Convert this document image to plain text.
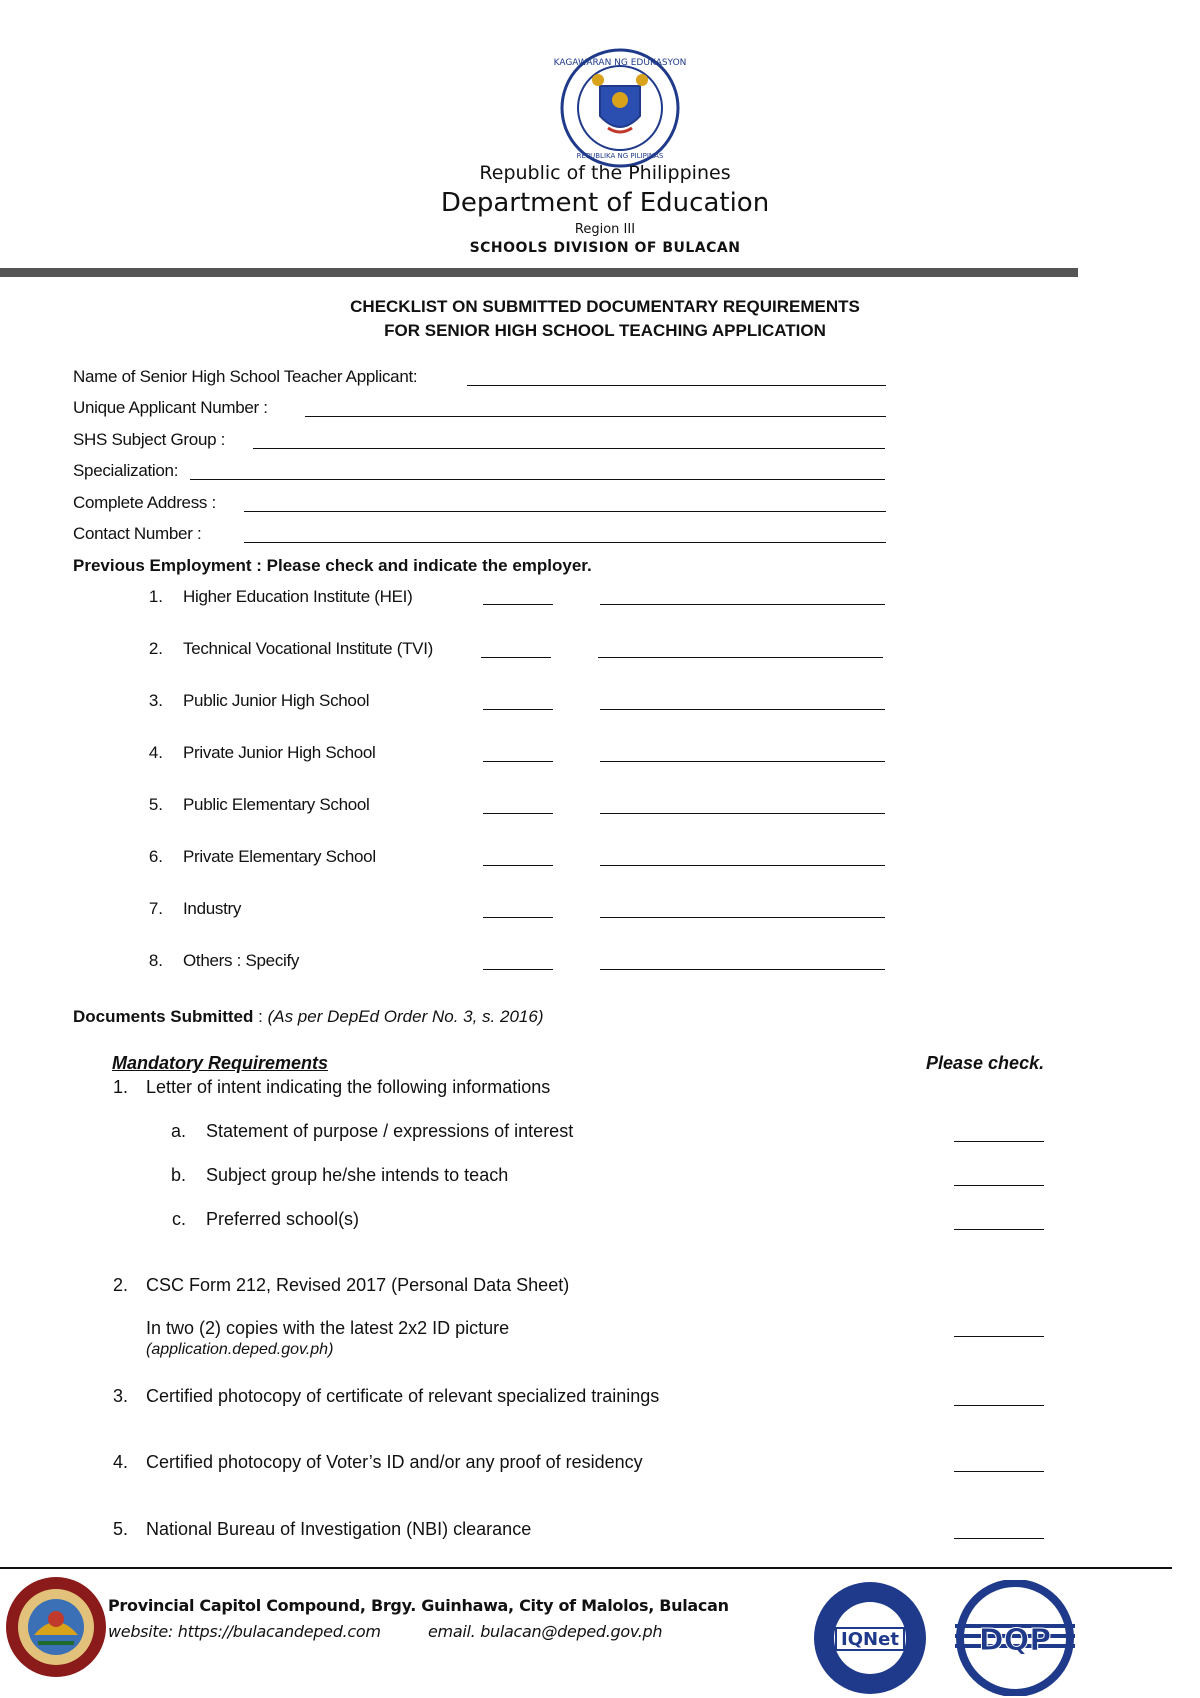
KAGAWARAN NG EDUKASYON
REPUBLIKA NG PILIPINAS
Republic of the Philippines
Department of Education
Region III
SCHOOLS DIVISION OF BULACAN
CHECKLIST ON SUBMITTED DOCUMENTARY REQUIREMENTS
FOR SENIOR HIGH SCHOOL TEACHING APPLICATION
Name of Senior High School Teacher Applicant:
Unique Applicant Number :
SHS Subject Group :
Specialization:
Complete Address :
Contact Number :
Previous Employment : Please check and indicate the employer.
1. Higher Education Institute (HEI)
2. Technical Vocational Institute (TVI)
3. Public Junior High School
4. Private Junior High School
5. Public Elementary School
6. Private Elementary School
7. Industry
8. Others : Specify
Documents Submitted : (As per DepEd Order No. 3, s. 2016)
Mandatory Requirements	Please check.
1. Letter of intent indicating the following informations
a. Statement of purpose / expressions of interest
b. Subject group he/she intends to teach
c. Preferred school(s)
2. CSC Form 212, Revised 2017 (Personal Data Sheet)
In two (2) copies with the latest 2x2 ID picture
(application.deped.gov.ph)
3. Certified photocopy of certificate of relevant specialized trainings
4. Certified photocopy of Voter’s ID and/or any proof of residency
5. National Bureau of Investigation (NBI) clearance
Provincial Capitol Compound, Brgy. Guinhawa, City of Malolos, Bulacan
website: https://bulacandeped.com	email. bulacan@deped.gov.ph	IQNet	DQP
